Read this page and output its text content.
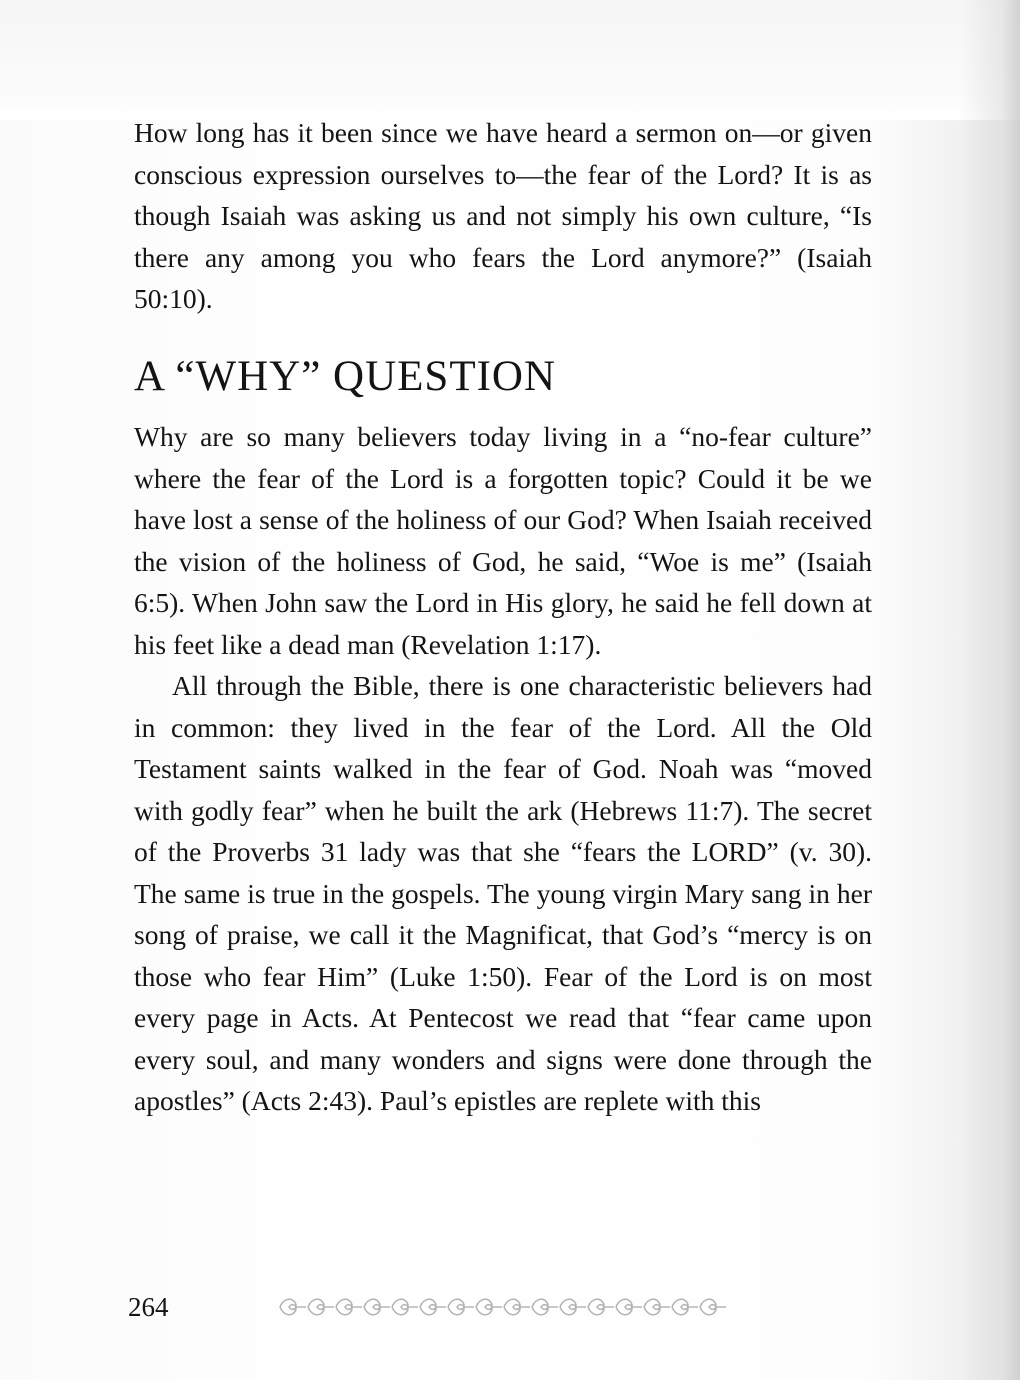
How long has it been since we have heard a sermon on—or given conscious expression ourselves to—the fear of the Lord? It is as though Isaiah was asking us and not simply his own culture, “Is there any among you who fears the Lord anymore?” (Isaiah 50:10).

A “WHY” QUESTION

Why are so many believers today living in a “no-fear culture” where the fear of the Lord is a forgotten topic? Could it be we have lost a sense of the holiness of our God? When Isaiah received the vision of the holiness of God, he said, “Woe is me” (Isaiah 6:5). When John saw the Lord in His glory, he said he fell down at his feet like a dead man (Revelation 1:17).

All through the Bible, there is one characteristic believers had in common: they lived in the fear of the Lord. All the Old Testament saints walked in the fear of God. Noah was “moved with godly fear” when he built the ark (Hebrews 11:7). The secret of the Proverbs 31 lady was that she “fears the LORD” (v. 30). The same is true in the gospels. The young virgin Mary sang in her song of praise, we call it the Magnificat, that God’s “mercy is on those who fear Him” (Luke 1:50). Fear of the Lord is on most every page in Acts. At Pentecost we read that “fear came upon every soul, and many wonders and signs were done through the apostles” (Acts 2:43). Paul’s epistles are replete with this

264
